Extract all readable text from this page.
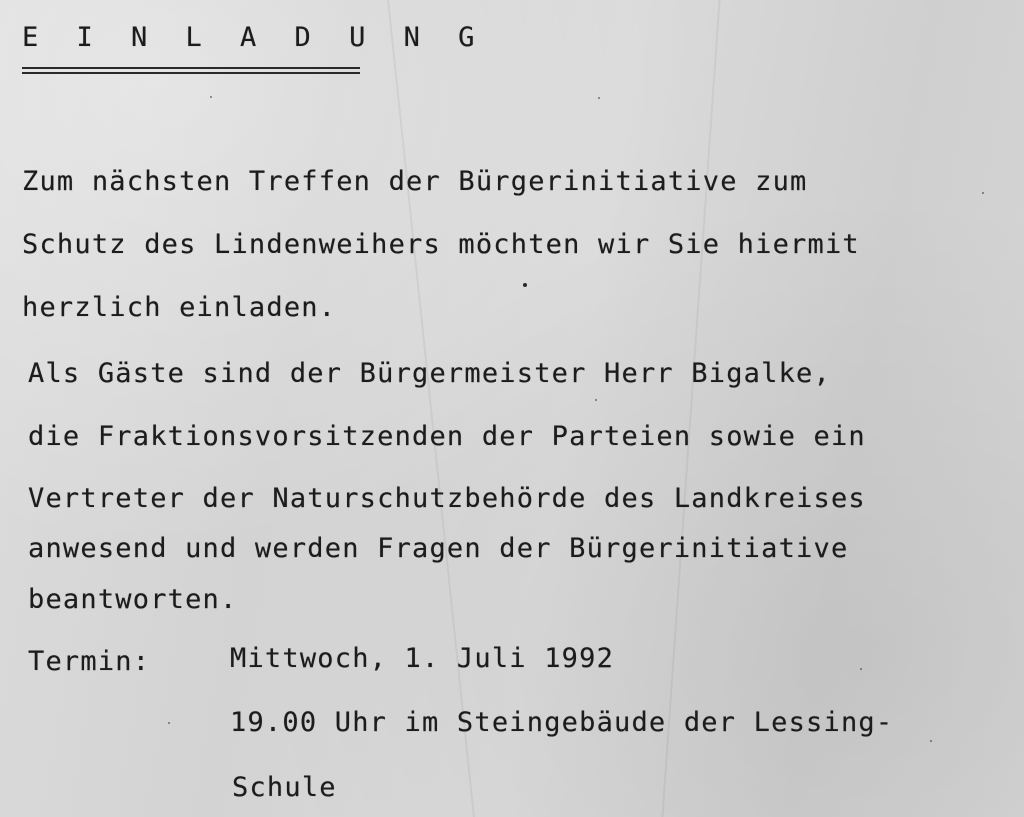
E I N L A D U N G
Zum nächsten Treffen der Bürgerinitiative zum
Schutz des Lindenweihers möchten wir Sie hiermit
herzlich einladen.
Als Gäste sind der Bürgermeister Herr Bigalke,
die Fraktionsvorsitzenden der Parteien sowie ein
Vertreter der Naturschutzbehörde des Landkreises
anwesend und werden Fragen der Bürgerinitiative
beantworten.
Termin:	Mittwoch, 1. Juli 1992
19.00 Uhr im Steingebäude der Lessing-
Schule
